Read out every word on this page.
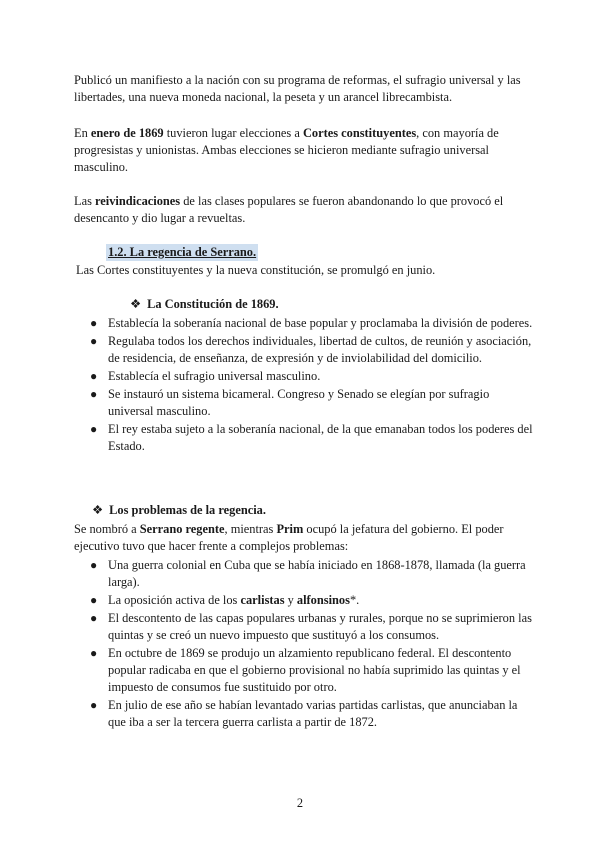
Publicó un manifiesto a la nación con su programa de reformas, el sufragio universal y las libertades, una nueva moneda nacional, la peseta y un arancel librecambista.

En enero de 1869 tuvieron lugar elecciones a Cortes constituyentes, con mayoría de progresistas y unionistas. Ambas elecciones se hicieron mediante sufragio universal masculino.

Las reivindicaciones de las clases populares se fueron abandonando lo que provocó el desencanto y dio lugar a revueltas.

1.2. La regencia de Serrano.

Las Cortes constituyentes y la nueva constitución, se promulgó en junio.

❖ La Constitución de 1869.
● Establecía la soberanía nacional de base popular y proclamaba la división de poderes.
● Regulaba todos los derechos individuales, libertad de cultos, de reunión y asociación, de residencia, de enseñanza, de expresión y de inviolabilidad del domicilio.
● Establecía el sufragio universal masculino.
● Se instauró un sistema bicameral. Congreso y Senado se elegían por sufragio universal masculino.
● El rey estaba sujeto a la soberanía nacional, de la que emanaban todos los poderes del Estado.
❖ Los problemas de la regencia.

Se nombró a Serrano regente, mientras Prim ocupó la jefatura del gobierno. El poder ejecutivo tuvo que hacer frente a complejos problemas:

● Una guerra colonial en Cuba que se había iniciado en 1868-1878, llamada (la guerra larga).
● La oposición activa de los carlistas y alfonsinos*.
● El descontento de las capas populares urbanas y rurales, porque no se suprimieron las quintas y se creó un nuevo impuesto que sustituyó a los consumos.
● En octubre de 1869 se produjo un alzamiento republicano federal. El descontento popular radicaba en que el gobierno provisional no había suprimido las quintas y el impuesto de consumos fue sustituido por otro.
● En julio de ese año se habían levantado varias partidas carlistas, que anunciaban la que iba a ser la tercera guerra carlista a partir de 1872.
2
